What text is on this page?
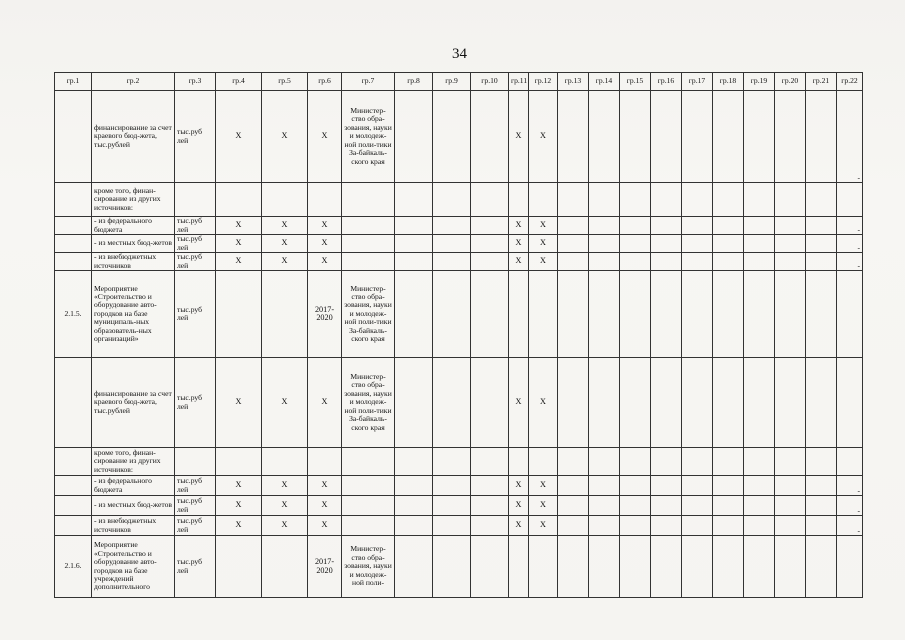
34
гр.1	гр.2	гр.3	гр.4	гр.5	гр.6	гр.7	гр.8	гр.9	гр.10	гр.11	гр.12	гр.13	гр.14	гр.15	гр.16	гр.17	гр.18	гр.19	гр.20	гр.21	гр.22
	финансирование за счет краевого бюд-жета, тыс.рублей	тыс.руб лей	X	X	X	Министер-ство обра-зования, науки и молодеж-ной поли-тики За-байкаль-ского края				X	X										-
	кроме того, финан-сирование из других источников:																				
	- из федерального бюджета	тыс.руб лей	X	X	X					X	X										-
	- из местных бюд-жетов	тыс.руб лей	X	X	X					X	X										-
	- из внебюджетных источников	тыс.руб лей	X	X	X					X	X										-
2.1.5.	Мероприятие «Строительство и оборудование авто-городков на базе муниципаль-ных образователь-ных организаций»	тыс.руб лей			2017-2020	Министер-ство обра-зования, науки и молодеж-ной поли-тики За-байкаль-ского края															
	финансирование за счет краевого бюд-жета, тыс.рублей	тыс.руб лей	X	X	X	Министер-ство обра-зования, науки и молодеж-ной поли-тики За-байкаль-ского края				X	X										
	кроме того, финан-сирование из других источников:																				
	- из федерального бюджета	тыс.руб лей	X	X	X					X	X										-
	- из местных бюд-жетов	тыс.руб лей	X	X	X					X	X										-
	- из внебюджетных источников	тыс.руб лей	X	X	X					X	X										-
2.1.6.	Мероприятие «Строительство и оборудование авто-городков на базе учреждений дополнительного	тыс.руб лей			2017-2020	Министер-ство обра-зования, науки и молодеж-ной поли-															
